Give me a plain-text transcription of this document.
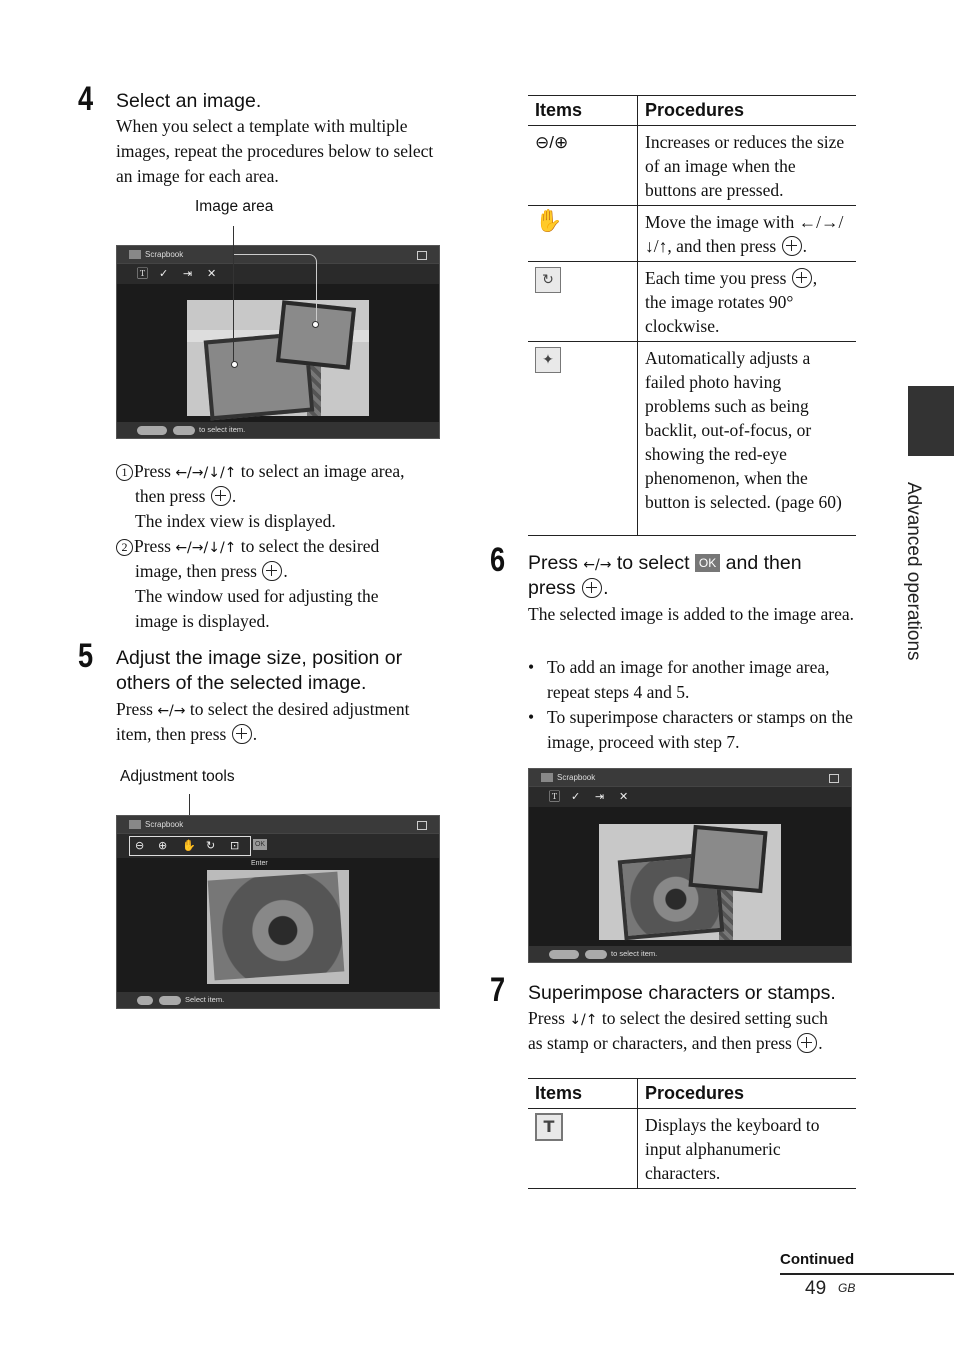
4 Select an image.
When you select a template with multiple images, repeat the procedures below to select an image for each area.
Image area
Scrapbook
🅃 ✓ ⇥ ✕
to select item.
1 Press ←/→/↓/↑ to select an image area,
then press .
The index view is displayed.
2 Press ←/→/↓/↑ to select the desired
image, then press .
The window used for adjusting the
image is displayed.
5 Adjust the image size, position or
others of the selected image.
Press ←/→ to select the desired adjustment
item, then press .
Adjustment tools
Scrapbook
⊖ ⊕ ✋ ↻ ⊡ OK
Enter
Select item.
Items	Procedures
⊖/⊕	Increases or reduces the size of an image when the buttons are pressed.
✋	Move the image with ←/→/
↓/↑, and then press .
↻	Each time you press ,
the image rotates 90°
clockwise.
✦	Automatically adjusts a failed photo having problems such as being backlit, out-of-focus, or showing the red-eye phenomenon, when the button is selected. (page 60)
6 Press ←/→ to select OK and then
press .
The selected image is added to the image area.
• To add an image for another image area, repeat steps 4 and 5.
• To superimpose characters or stamps on the image, proceed with step 7.
Scrapbook
🅃 ✓ ⇥ ✕
to select item.
7 Superimpose characters or stamps.
Press ↓/↑ to select the desired setting such
as stamp or characters, and then press .
Items	Procedures
T	Displays the keyboard to input alphanumeric characters.
Advanced operations
Continued
49 GB
